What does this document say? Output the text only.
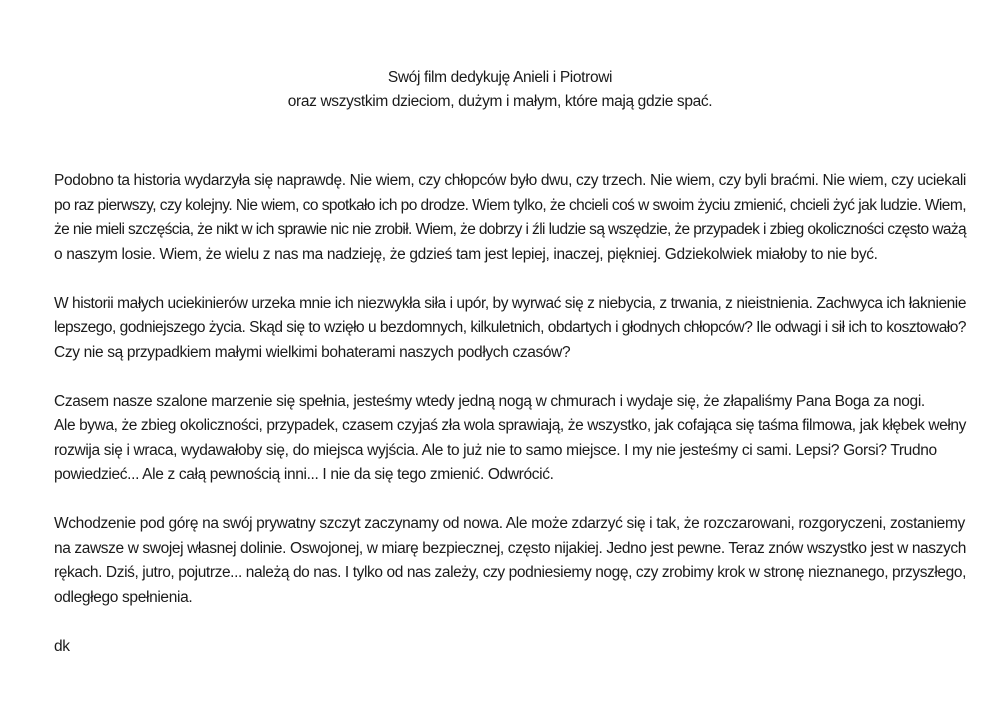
Swój film dedykuję Anieli i Piotrowi
oraz wszystkim dzieciom, dużym i małym, które mają gdzie spać.

Podobno ta historia wydarzyła się naprawdę. Nie wiem, czy chłopców było dwu, czy trzech. Nie wiem, czy byli braćmi. Nie wiem, czy uciekali
po raz pierwszy, czy kolejny. Nie wiem, co spotkało ich po drodze. Wiem tylko, że chcieli coś w swoim życiu zmienić, chcieli żyć jak ludzie. Wiem,
że nie mieli szczęścia, że nikt w ich sprawie nic nie zrobił. Wiem, że dobrzy i źli ludzie są wszędzie, że przypadek i zbieg okoliczności często ważą
o naszym losie. Wiem, że wielu z nas ma nadzieję, że gdzieś tam jest lepiej, inaczej, piękniej. Gdziekolwiek miałoby to nie być.

W historii małych uciekinierów urzeka mnie ich niezwykła siła i upór, by wyrwać się z niebycia, z trwania, z nieistnienia. Zachwyca ich łaknienie
lepszego, godniejszego życia. Skąd się to wzięło u bezdomnych, kilkuletnich, obdartych i głodnych chłopców? Ile odwagi i sił ich to kosztowało?
Czy nie są przypadkiem małymi wielkimi bohaterami naszych podłych czasów?

Czasem nasze szalone marzenie się spełnia, jesteśmy wtedy jedną nogą w chmurach i wydaje się, że złapaliśmy Pana Boga za nogi.
Ale bywa, że zbieg okoliczności, przypadek, czasem czyjaś zła wola sprawiają, że wszystko, jak cofająca się taśma filmowa, jak kłębek wełny
rozwija się i wraca, wydawałoby się, do miejsca wyjścia. Ale to już nie to samo miejsce. I my nie jesteśmy ci sami. Lepsi? Gorsi? Trudno
powiedzieć... Ale z całą pewnością inni... I nie da się tego zmienić. Odwrócić.

Wchodzenie pod górę na swój prywatny szczyt zaczynamy od nowa. Ale może zdarzyć się i tak, że rozczarowani, rozgoryczeni, zostaniemy
na zawsze w swojej własnej dolinie. Oswojonej, w miarę bezpiecznej, często nijakiej. Jedno jest pewne. Teraz znów wszystko jest w naszych
rękach. Dziś, jutro, pojutrze... należą do nas. I tylko od nas zależy, czy podniesiemy nogę, czy zrobimy krok w stronę nieznanego, przyszłego,
odległego spełnienia.

dk
